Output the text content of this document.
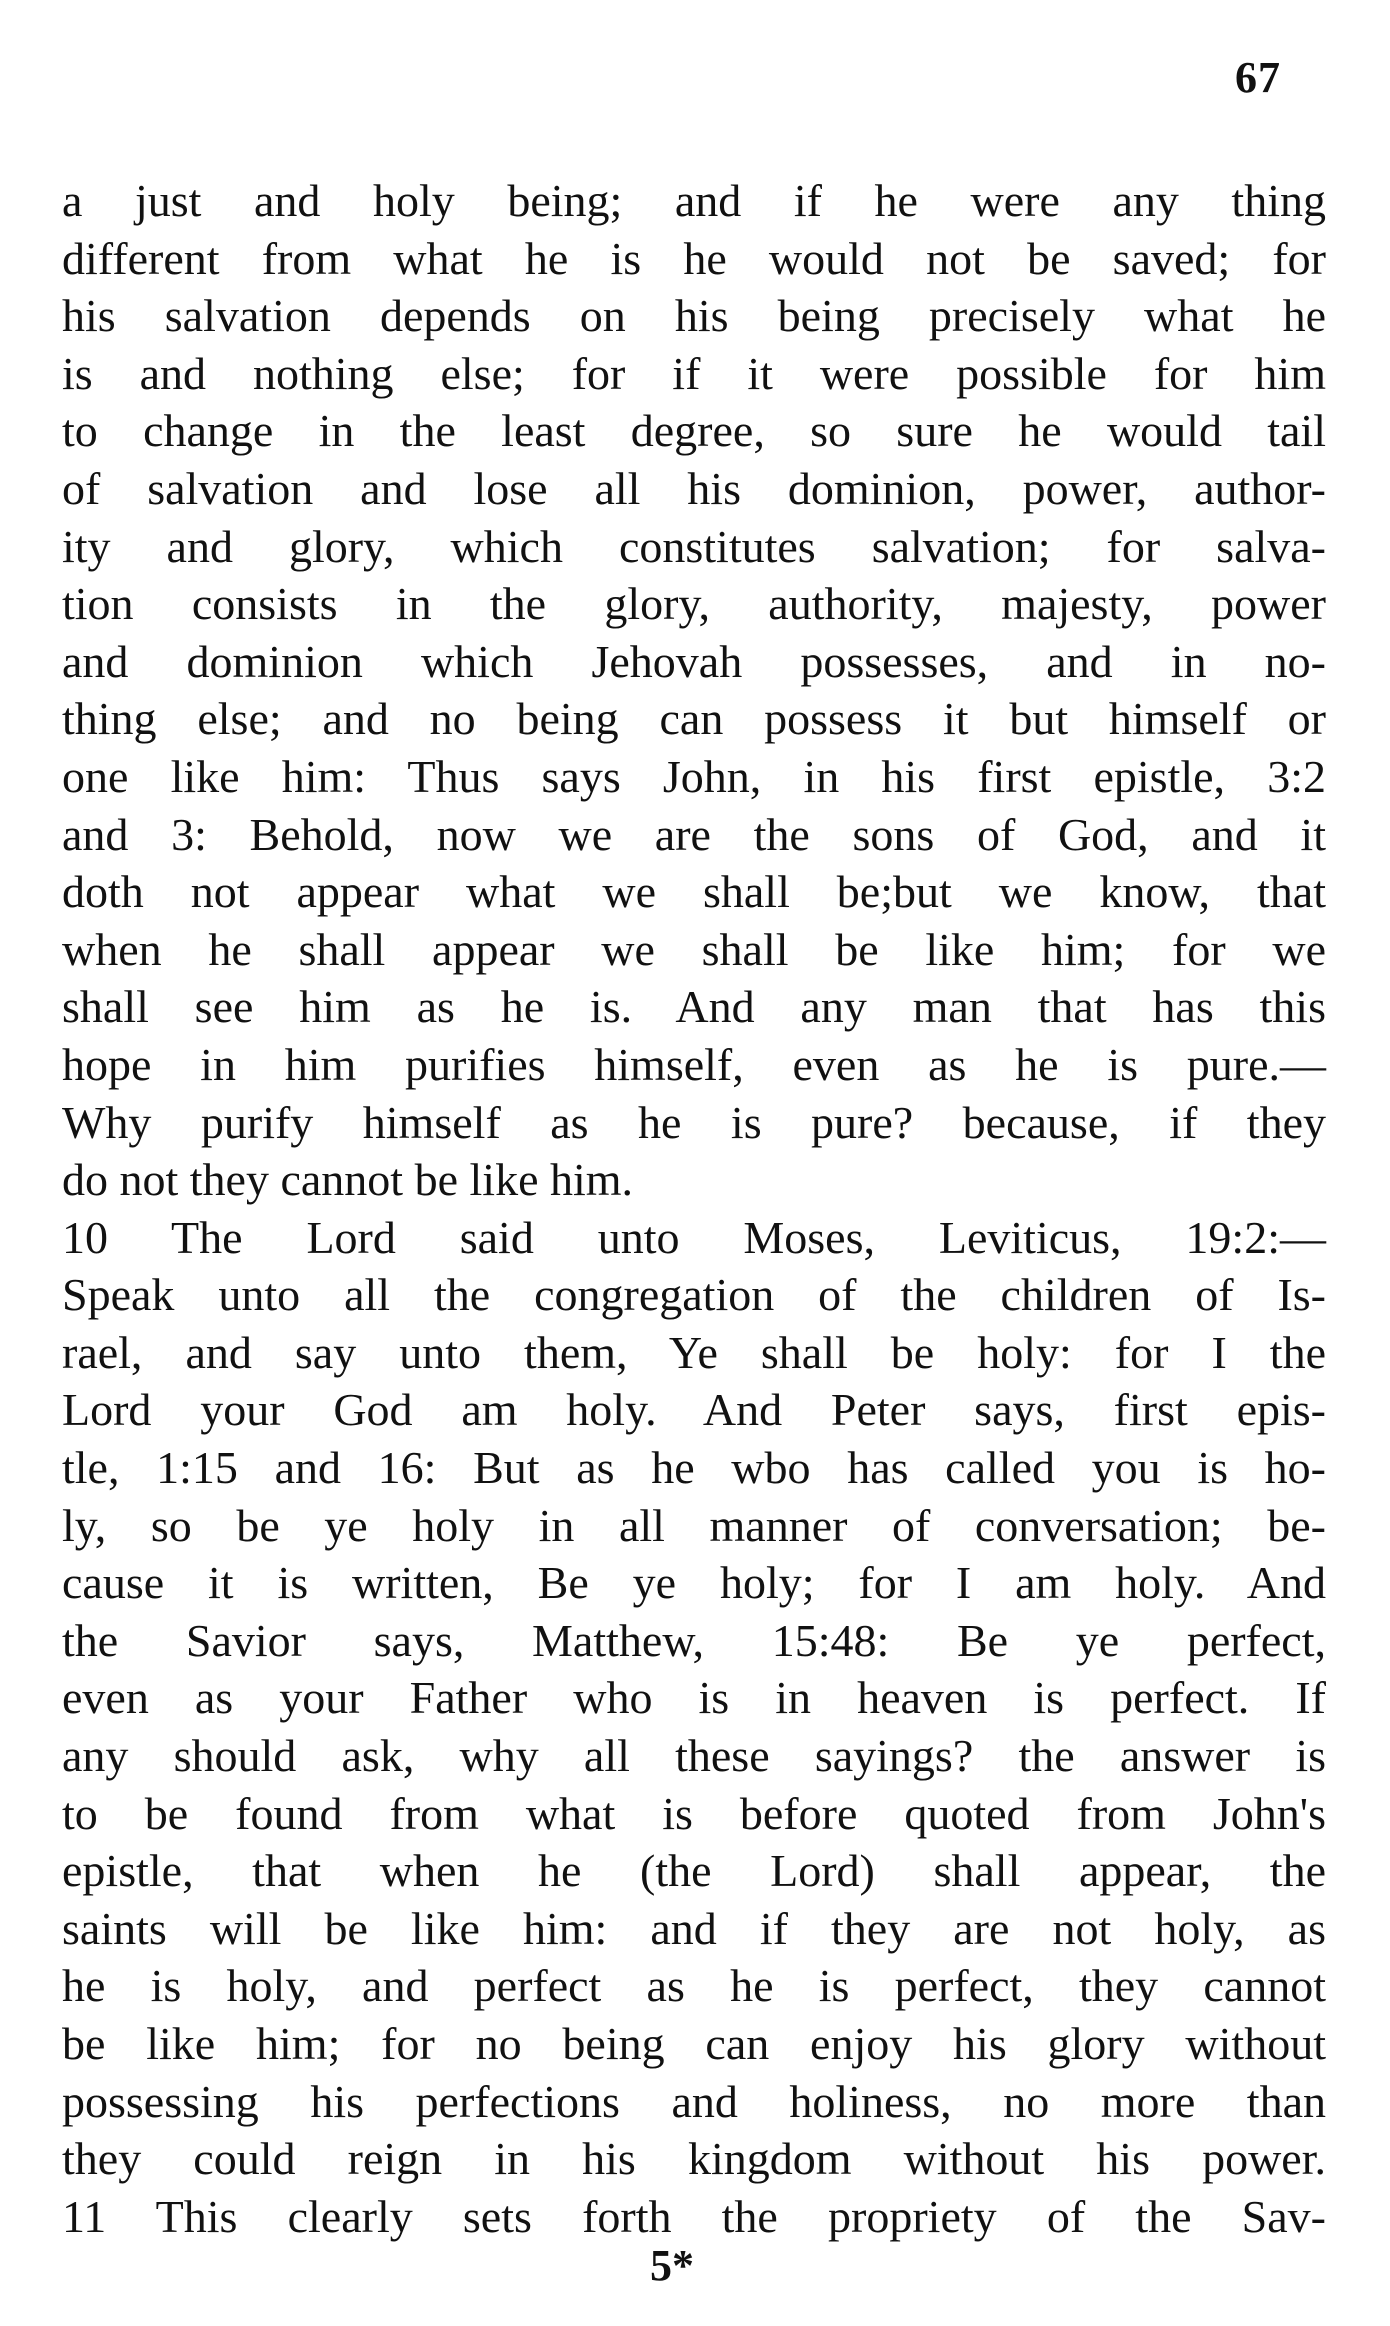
67
a just and holy being; and if he were any thing
different from what he is he would not be saved; for
his salvation depends on his being precisely what he
is and nothing else; for if it were possible for him
to change in the least degree, so sure he would tail
of salvation and lose all his dominion, power, author-
ity and glory, which constitutes salvation; for salva-
tion consists in the glory, authority, majesty, power
and dominion which Jehovah possesses, and in no-
thing else; and no being can possess it but himself or
one like him: Thus says John, in his first epistle, 3:2
and 3: Behold, now we are the sons of God, and it
doth not appear what we shall be;but we know, that
when he shall appear we shall be like him; for we
shall see him as he is. And any man that has this
hope in him purifies himself, even as he is pure.—
Why purify himself as he is pure? because, if they
do not they cannot be like him.
10 The Lord said unto Moses, Leviticus, 19:2:—
Speak unto all the congregation of the children of Is-
rael, and say unto them, Ye shall be holy: for I the
Lord your God am holy. And Peter says, first epis-
tle, 1:15 and 16: But as he wbo has called you is ho-
ly, so be ye holy in all manner of conversation; be-
cause it is written, Be ye holy; for I am holy. And
the Savior says, Matthew, 15:48: Be ye perfect,
even as your Father who is in heaven is perfect. If
any should ask, why all these sayings? the answer is
to be found from what is before quoted from John's
epistle, that when he (the Lord) shall appear, the
saints will be like him: and if they are not holy, as
he is holy, and perfect as he is perfect, they cannot
be like him; for no being can enjoy his glory without
possessing his perfections and holiness, no more than
they could reign in his kingdom without his power.
11 This clearly sets forth the propriety of the Sav-
5*
